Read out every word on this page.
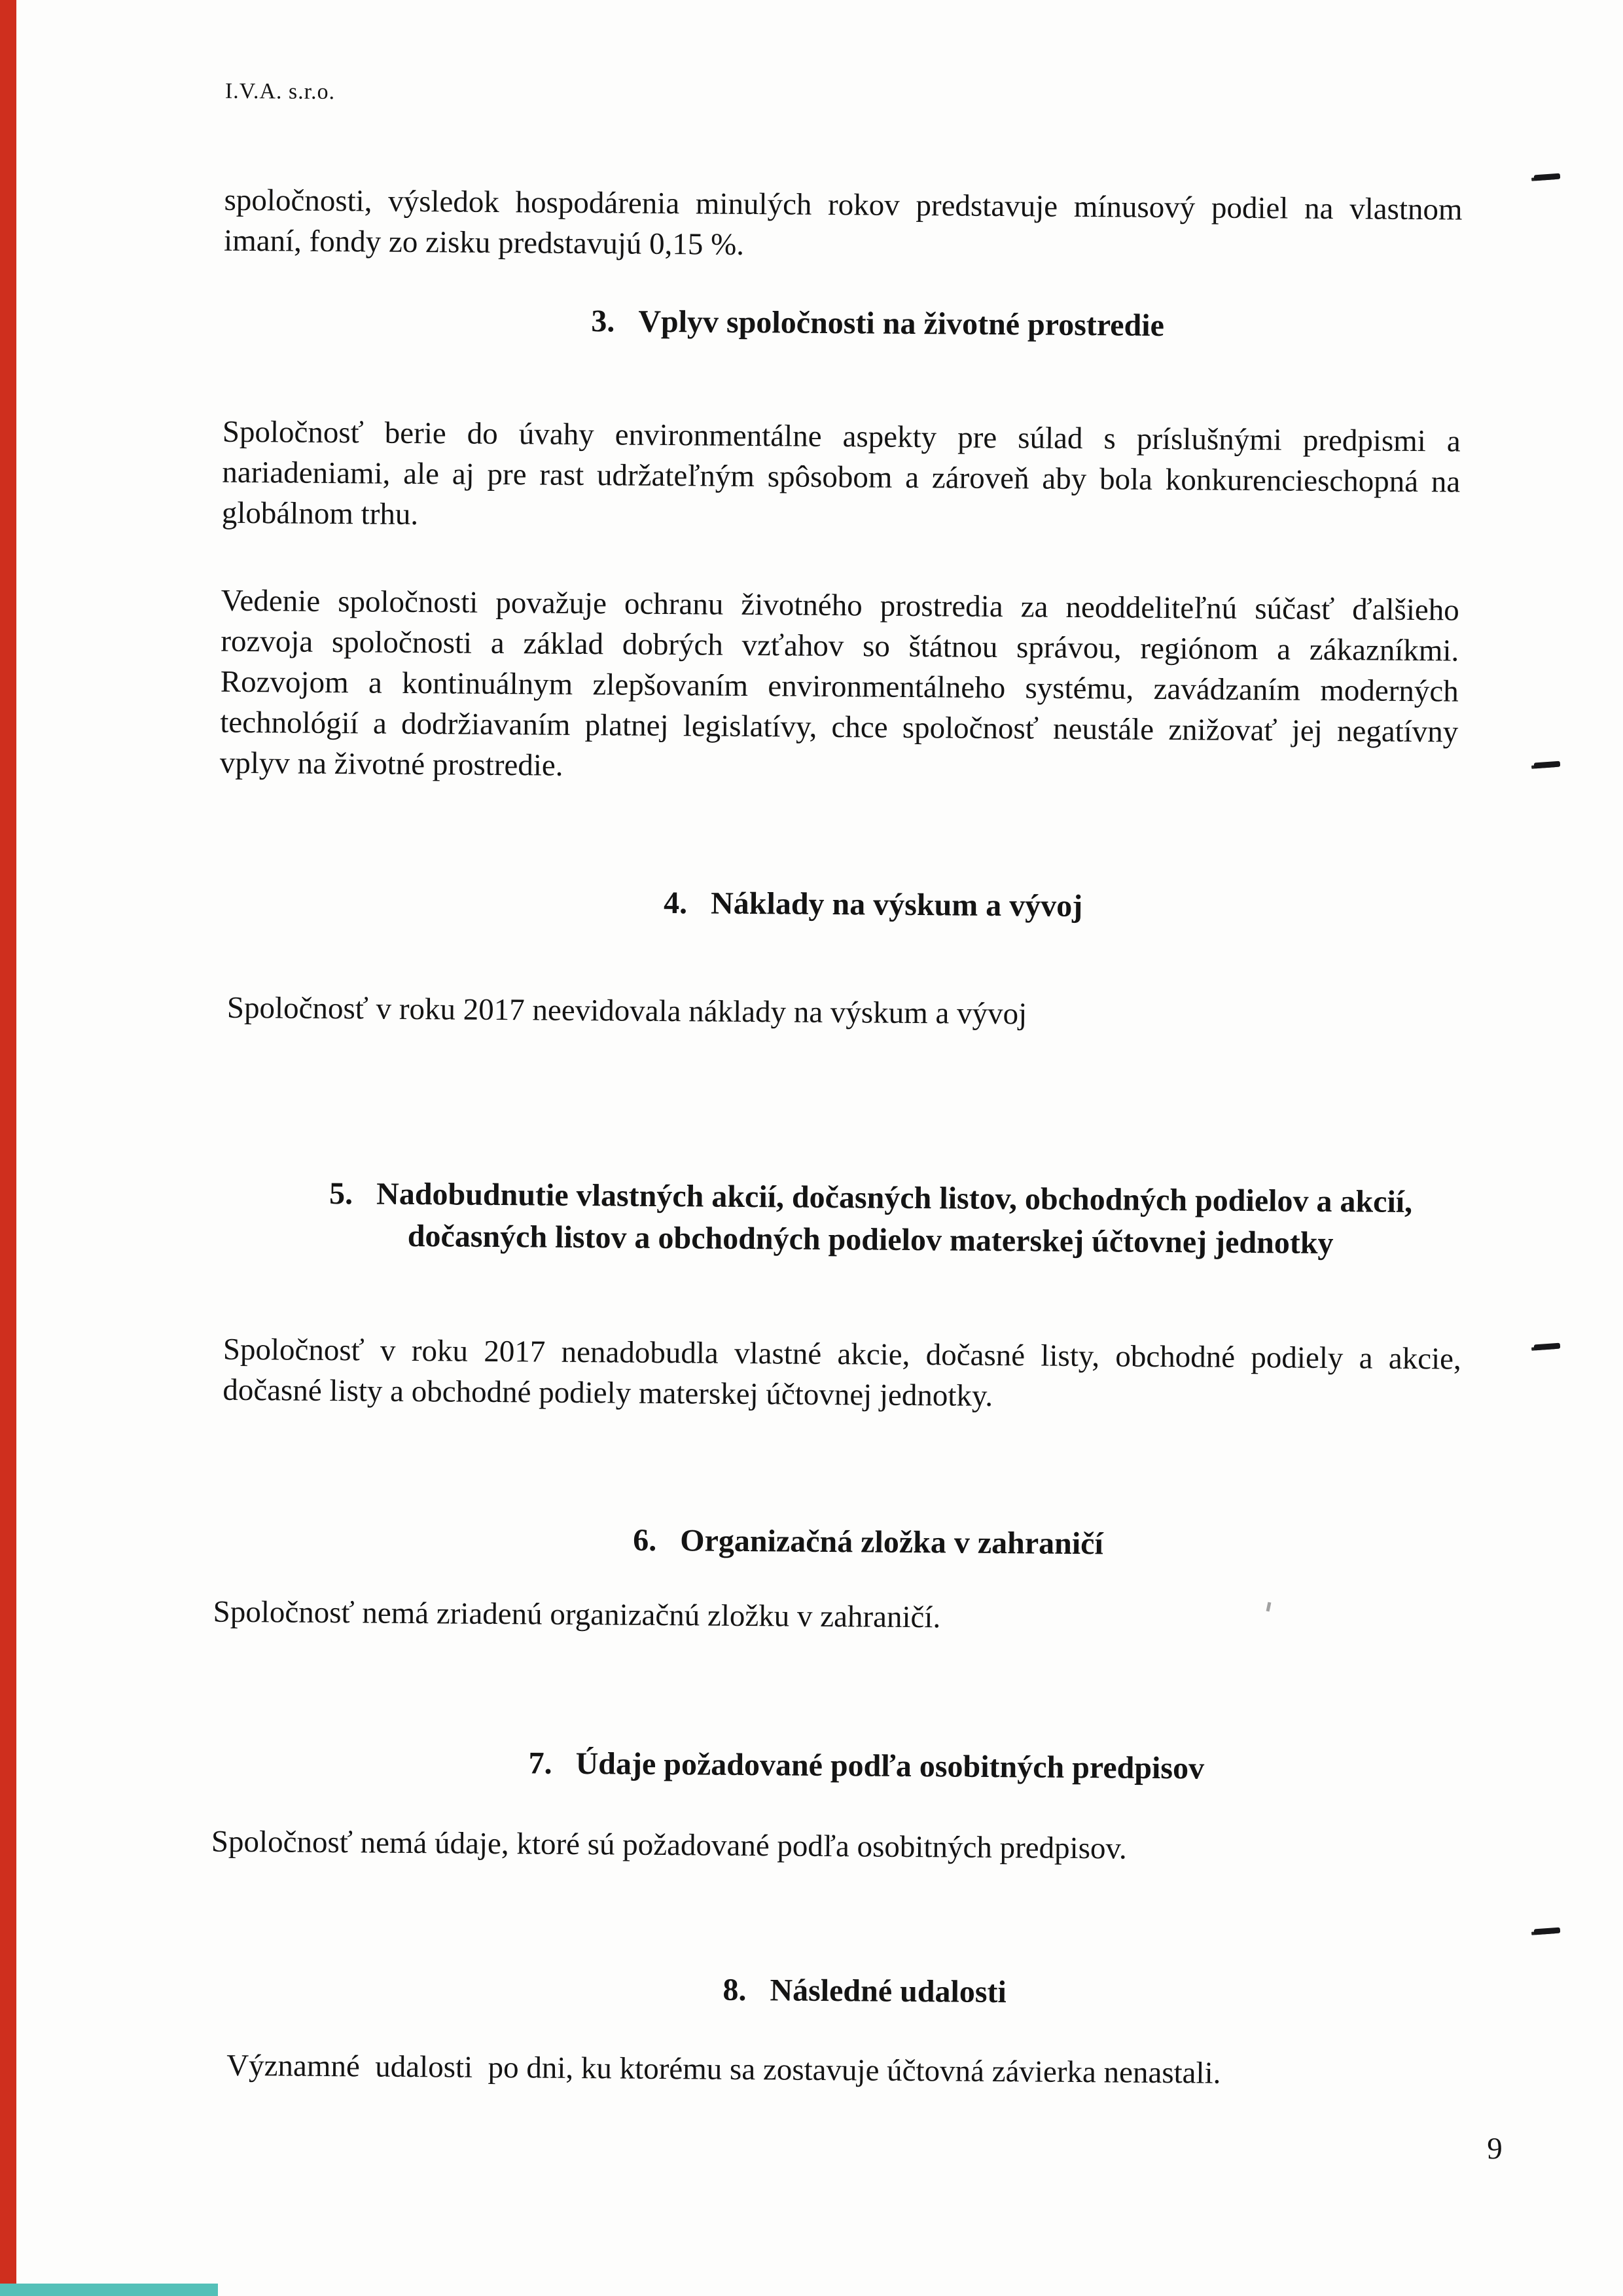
I.V.A. s.r.o.
spoločnosti, výsledok hospodárenia minulých rokov predstavuje mínusový podiel na vlastnom imaní, fondy zo zisku predstavujú 0,15 %.
3. Vplyv spoločnosti na životné prostredie
Spoločnosť berie do úvahy environmentálne aspekty pre súlad s príslušnými predpismi a nariadeniami, ale aj pre rast udržateľným spôsobom a zároveň aby bola konkurencieschopná na globálnom trhu.
Vedenie spoločnosti považuje ochranu životného prostredia za neoddeliteľnú súčasť ďalšieho rozvoja spoločnosti a základ dobrých vzťahov so štátnou správou, regiónom a zákazníkmi. Rozvojom a kontinuálnym zlepšovaním environmentálneho systému, zavádzaním moderných technológií a dodržiavaním platnej legislatívy, chce spoločnosť neustále znižovať jej negatívny vplyv na životné prostredie.
4. Náklady na výskum a vývoj
Spoločnosť v roku 2017 neevidovala náklady na výskum a vývoj
5. Nadobudnutie vlastných akcií, dočasných listov, obchodných podielov a akcií, dočasných listov a obchodných podielov materskej účtovnej jednotky
Spoločnosť v roku 2017 nenadobudla vlastné akcie, dočasné listy, obchodné podiely a akcie, dočasné listy a obchodné podiely materskej účtovnej jednotky.
6. Organizačná zložka v zahraničí
Spoločnosť nemá zriadenú organizačnú zložku v zahraničí.
7. Údaje požadované podľa osobitných predpisov
Spoločnosť nemá údaje, ktoré sú požadované podľa osobitných predpisov.
8. Následné udalosti
Významné  udalosti  po dni, ku ktorému sa zostavuje účtovná závierka nenastali.
9
